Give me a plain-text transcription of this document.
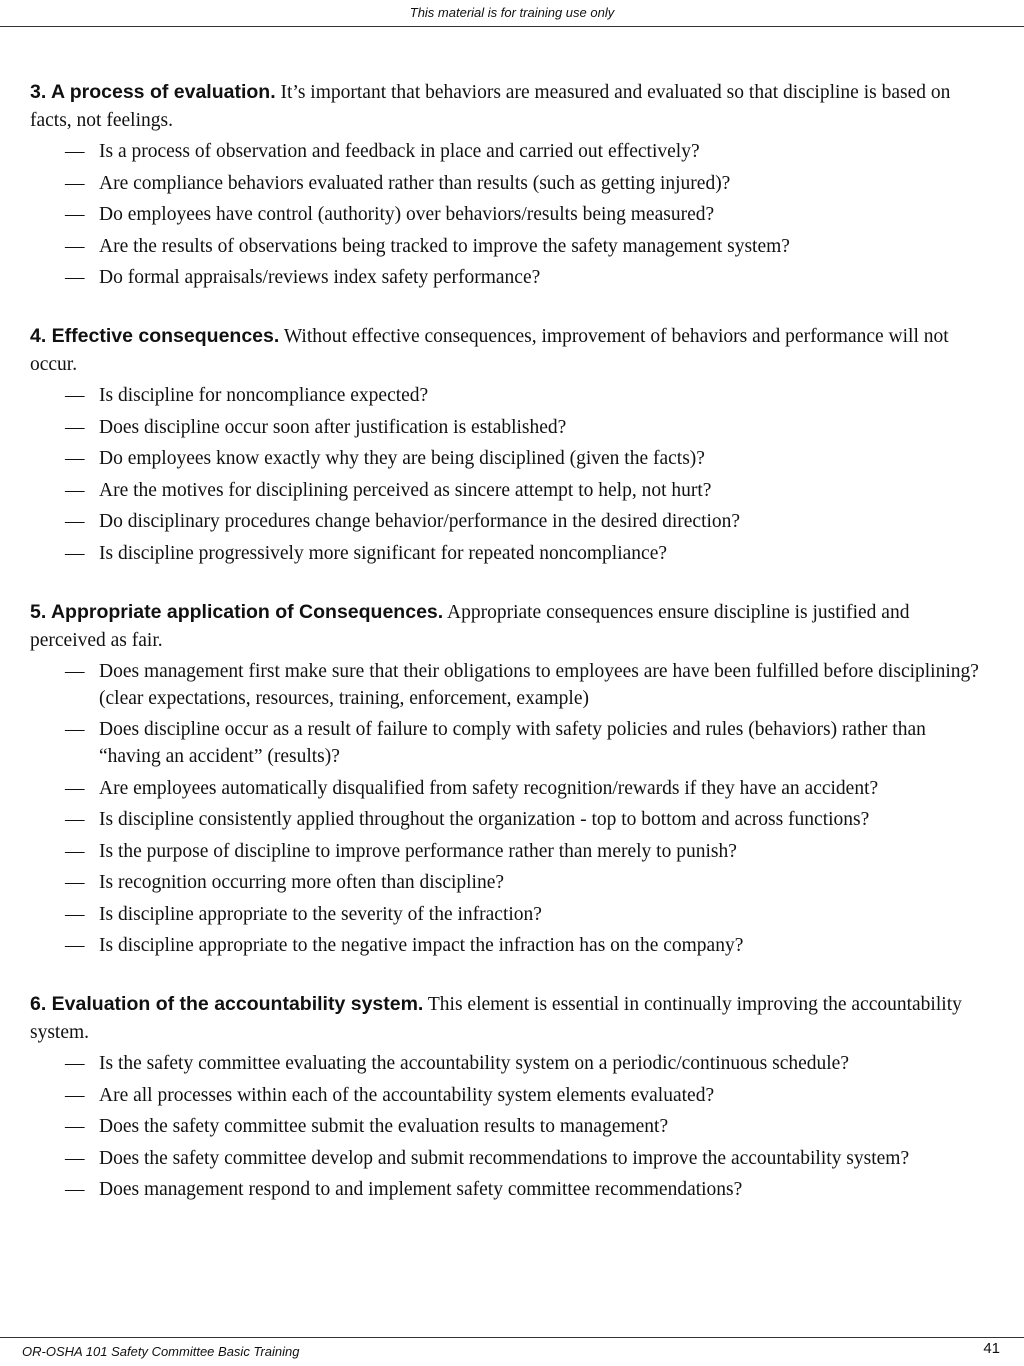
This material is for training use only

3. A process of evaluation. It’s important that behaviors are measured and evaluated so that discipline is based on facts, not feelings.

— Is a process of observation and feedback in place and carried out effectively?
— Are compliance behaviors evaluated rather than results (such as getting injured)?
— Do employees have control (authority) over behaviors/results being measured?
— Are the results of observations being tracked to improve the safety management system?
— Do formal appraisals/reviews index safety performance?

4. Effective consequences. Without effective consequences, improvement of behaviors and performance will not occur.

— Is discipline for noncompliance expected?
— Does discipline occur soon after justification is established?
— Do employees know exactly why they are being disciplined (given the facts)?
— Are the motives for disciplining perceived as sincere attempt to help, not hurt?
— Do disciplinary procedures change behavior/performance in the desired direction?
— Is discipline progressively more significant for repeated noncompliance?

5. Appropriate application of Consequences. Appropriate consequences ensure discipline is justified and perceived as fair.

— Does management first make sure that their obligations to employees are have been fulfilled before disciplining? (clear expectations, resources, training, enforcement, example)
— Does discipline occur as a result of failure to comply with safety policies and rules (behaviors) rather than “having an accident” (results)?
— Are employees automatically disqualified from safety recognition/rewards if they have an accident?
— Is discipline consistently applied throughout the organization - top to bottom and across functions?
— Is the purpose of discipline to improve performance rather than merely to punish?
— Is recognition occurring more often than discipline?
— Is discipline appropriate to the severity of the infraction?
— Is discipline appropriate to the negative impact the infraction has on the company?

6. Evaluation of the accountability system. This element is essential in continually improving the accountability system.

— Is the safety committee evaluating the accountability system on a periodic/continuous schedule?
— Are all processes within each of the accountability system elements evaluated?
— Does the safety committee submit the evaluation results to management?
— Does the safety committee develop and submit recommendations to improve the accountability system?
— Does management respond to and implement safety committee recommendations?
OR-OSHA 101 Safety Committee Basic Training	41
